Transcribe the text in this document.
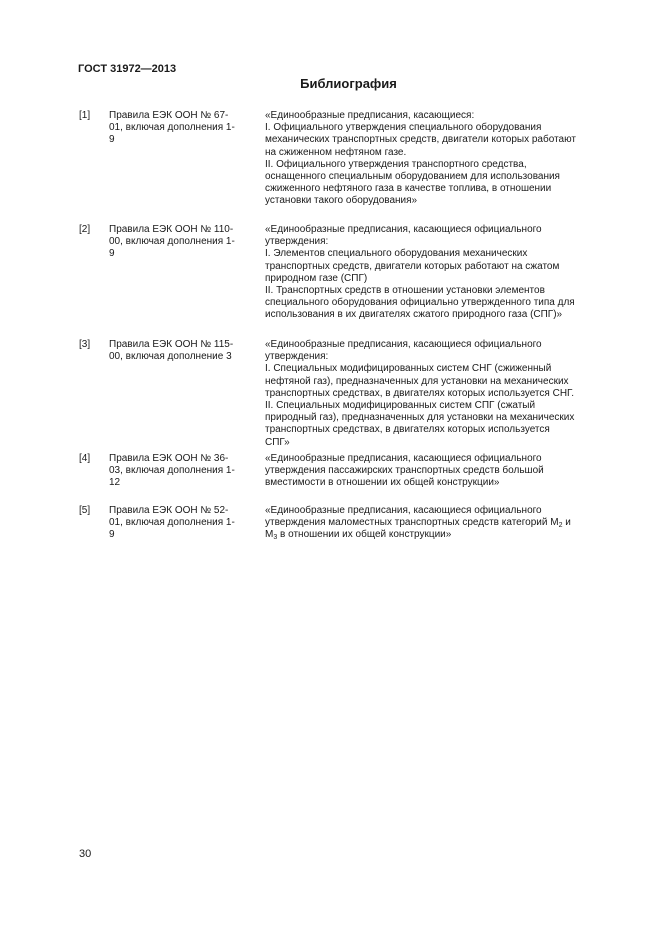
ГОСТ 31972—2013
Библиография
[1] Правила ЕЭК ООН № 67-
01, включая дополнения 1-
9
«Единообразные предписания, касающиеся:
I. Официального утверждения специального оборудования
механических транспортных средств, двигатели которых работают
на сжиженном нефтяном газе.
II. Официального утверждения транспортного средства,
оснащенного специальным оборудованием для использования
сжиженного нефтяного газа в качестве топлива, в отношении
установки такого оборудования»
[2] Правила ЕЭК ООН № 110-
00, включая дополнения 1-
9
«Единообразные предписания, касающиеся официального
утверждения:
I. Элементов специального оборудования механических
транспортных средств, двигатели которых работают на сжатом
природном газе (СПГ)
II. Транспортных средств в отношении установки элементов
специального оборудования официально утвержденного типа для
использования в их двигателях сжатого природного газа (СПГ)»
[3] Правила ЕЭК ООН № 115-
00, включая дополнение 3
«Единообразные предписания, касающиеся официального
утверждения:
I. Специальных модифицированных систем СНГ (сжиженный
нефтяной газ), предназначенных для установки на механических
транспортных средствах, в двигателях которых используется СНГ.
II. Специальных модифицированных систем СПГ (сжатый
природный газ), предназначенных для установки на механических
транспортных средствах, в двигателях которых используется
СПГ»
[4] Правила ЕЭК ООН № 36-
03, включая дополнения 1-
12
«Единообразные предписания, касающиеся официального
утверждения пассажирских транспортных средств большой
вместимости в отношении их общей конструкции»
[5] Правила ЕЭК ООН № 52-
01, включая дополнения 1-
9
«Единообразные предписания, касающиеся официального
утверждения маломестных транспортных средств категорий $M_2$ и
$M_3$ в отношении их общей конструкции»
30
